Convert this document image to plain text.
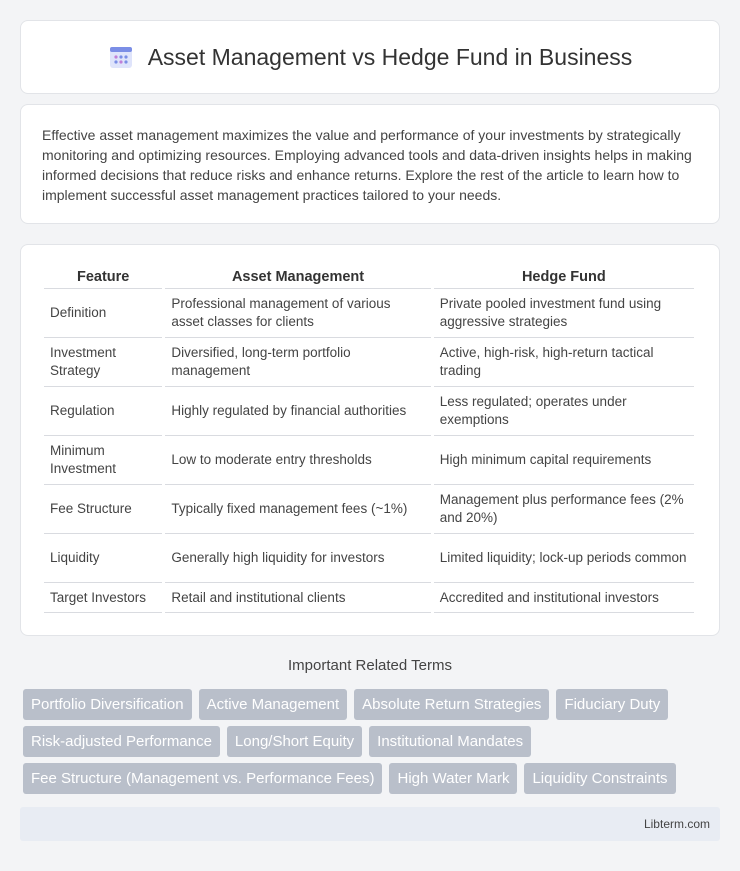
Asset Management vs Hedge Fund in Business

Effective asset management maximizes the value and performance of your investments by strategically monitoring and optimizing resources. Employing advanced tools and data-driven insights helps in making informed decisions that reduce risks and enhance returns. Explore the rest of the article to learn how to implement successful asset management practices tailored to your needs.

Feature	Asset Management	Hedge Fund
Definition	Professional management of various asset classes for clients	Private pooled investment fund using aggressive strategies
Investment Strategy	Diversified, long-term portfolio management	Active, high-risk, high-return tactical trading
Regulation	Highly regulated by financial authorities	Less regulated; operates under exemptions
Minimum Investment	Low to moderate entry thresholds	High minimum capital requirements
Fee Structure	Typically fixed management fees (~1%)	Management plus performance fees (2% and 20%)
Liquidity	Generally high liquidity for investors	Limited liquidity; lock-up periods common
Target Investors	Retail and institutional clients	Accredited and institutional investors
Important Related Terms
Portfolio Diversification	Active Management	Absolute Return Strategies	Fiduciary Duty
Risk-adjusted Performance	Long/Short Equity	Institutional Mandates
Fee Structure (Management vs. Performance Fees)	High Water Mark	Liquidity Constraints
Libterm.com
